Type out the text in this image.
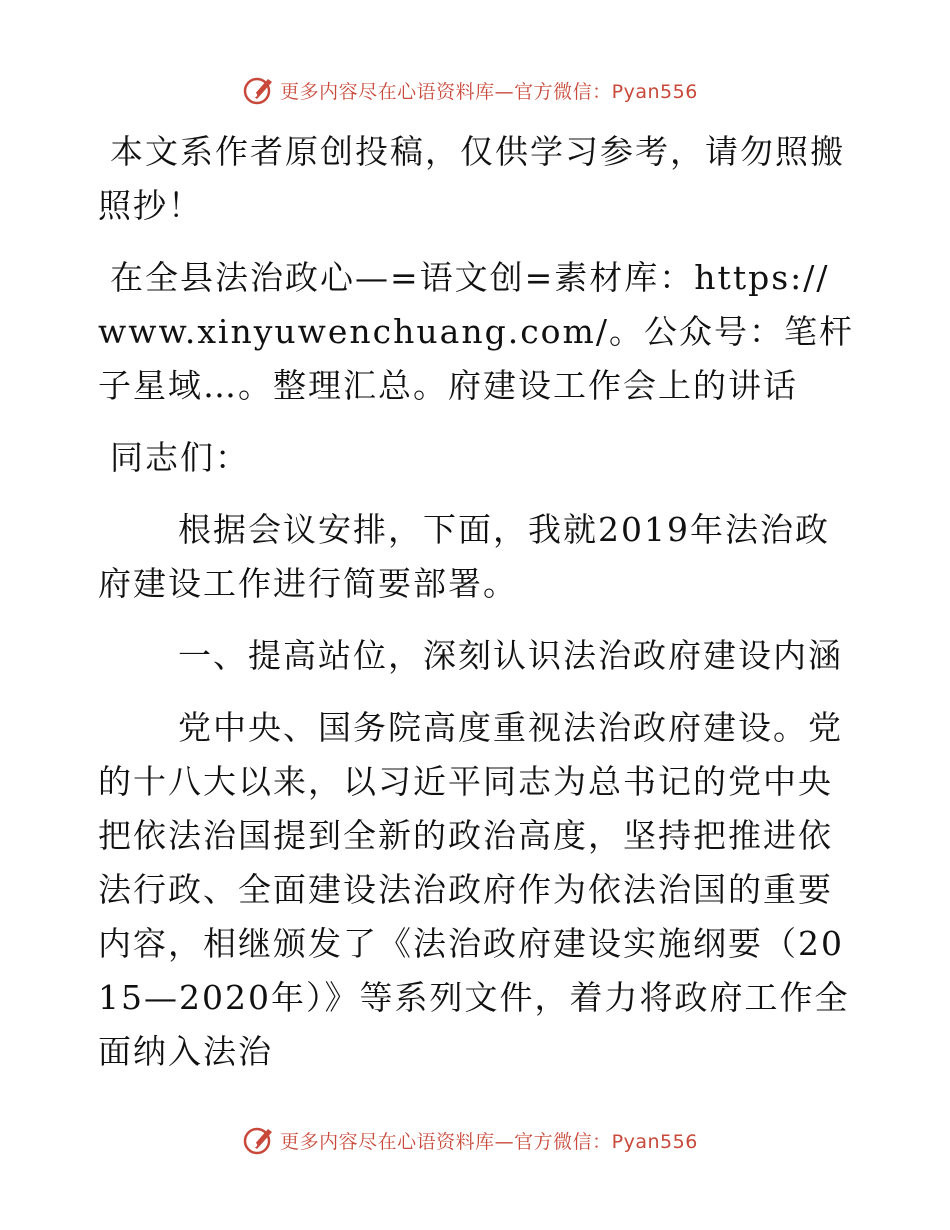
更多内容尽在心语资料库—官方微信：Pyan556

本文系作者原创投稿，仅供学习参考，请勿照搬照抄！

在全县法治政心—=语文创=素材库：https://www.xinyuwenchuang.com/。公众号：笔杆子星域…。整理汇总。府建设工作会上的讲话

同志们：

根据会议安排，下面，我就2019年法治政府建设工作进行简要部署。

一、提高站位，深刻认识法治政府建设内涵

党中央、国务院高度重视法治政府建设。党的十八大以来，以习近平同志为总书记的党中央把依法治国提到全新的政治高度，坚持把推进依法行政、全面建设法治政府作为依法治国的重要内容，相继颁发了《法治政府建设实施纲要（2015—2020年）》等系列文件，着力将政府工作全面纳入法治

更多内容尽在心语资料库—官方微信：Pyan556
